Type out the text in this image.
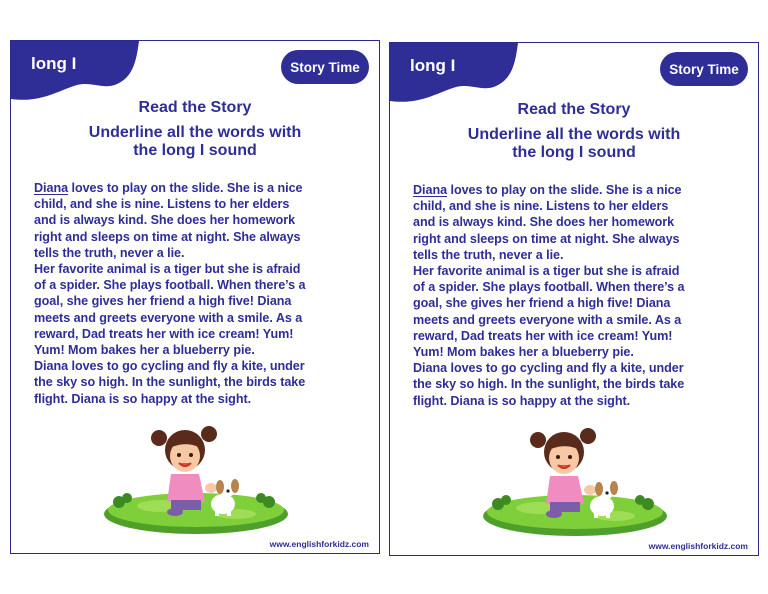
long I	Story Time
Read the Story
Underline all the words with
the long I sound
Diana loves to play on the slide. She is a nice
child, and she is nine. Listens to her elders
and is always kind. She does her homework
right and sleeps on time at night. She always
tells the truth, never a lie.
Her favorite animal is a tiger but she is afraid
of a spider. She plays football. When there’s a
goal, she gives her friend a high five! Diana
meets and greets everyone with a smile. As a
reward, Dad treats her with ice cream! Yum!
Yum! Mom bakes her a blueberry pie.
Diana loves to go cycling and fly a kite, under
the sky so high. In the sunlight, the birds take
flight. Diana is so happy at the sight.
www.englishforkidz.com
long I	Story Time
Read the Story
Underline all the words with
the long I sound
Diana loves to play on the slide. She is a nice
child, and she is nine. Listens to her elders
and is always kind. She does her homework
right and sleeps on time at night. She always
tells the truth, never a lie.
Her favorite animal is a tiger but she is afraid
of a spider. She plays football. When there’s a
goal, she gives her friend a high five! Diana
meets and greets everyone with a smile. As a
reward, Dad treats her with ice cream! Yum!
Yum! Mom bakes her a blueberry pie.
Diana loves to go cycling and fly a kite, under
the sky so high. In the sunlight, the birds take
flight. Diana is so happy at the sight.
www.englishforkidz.com
